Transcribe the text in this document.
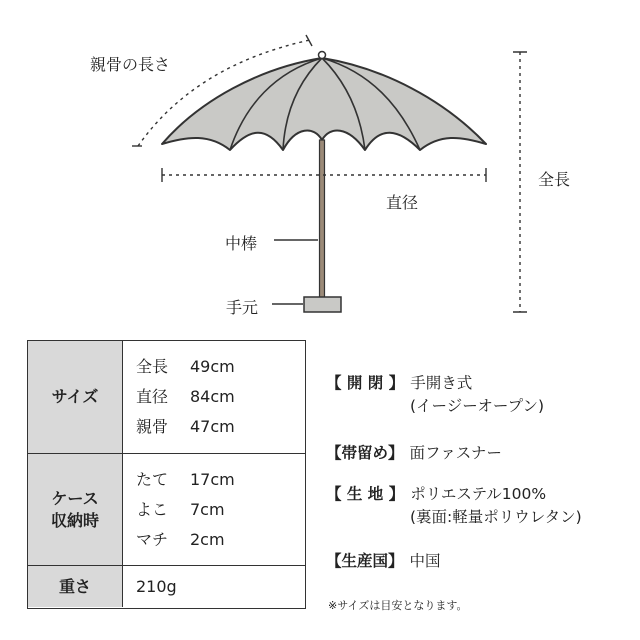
親骨の長さ
直径
全長
中棒
手元
サイズ
全長 49cm
直径 84cm
親骨 47cm
ケース
収納時
たて 17cm
よこ 7cm
マチ 2cm
重さ	210g
【 開 閉 】 手開き式
(イージーオープン)
【帯留め】 面ファスナー
【 生 地 】 ポリエステル100%
(裏面:軽量ポリウレタン)
【生産国】 中国
※サイズは目安となります。
